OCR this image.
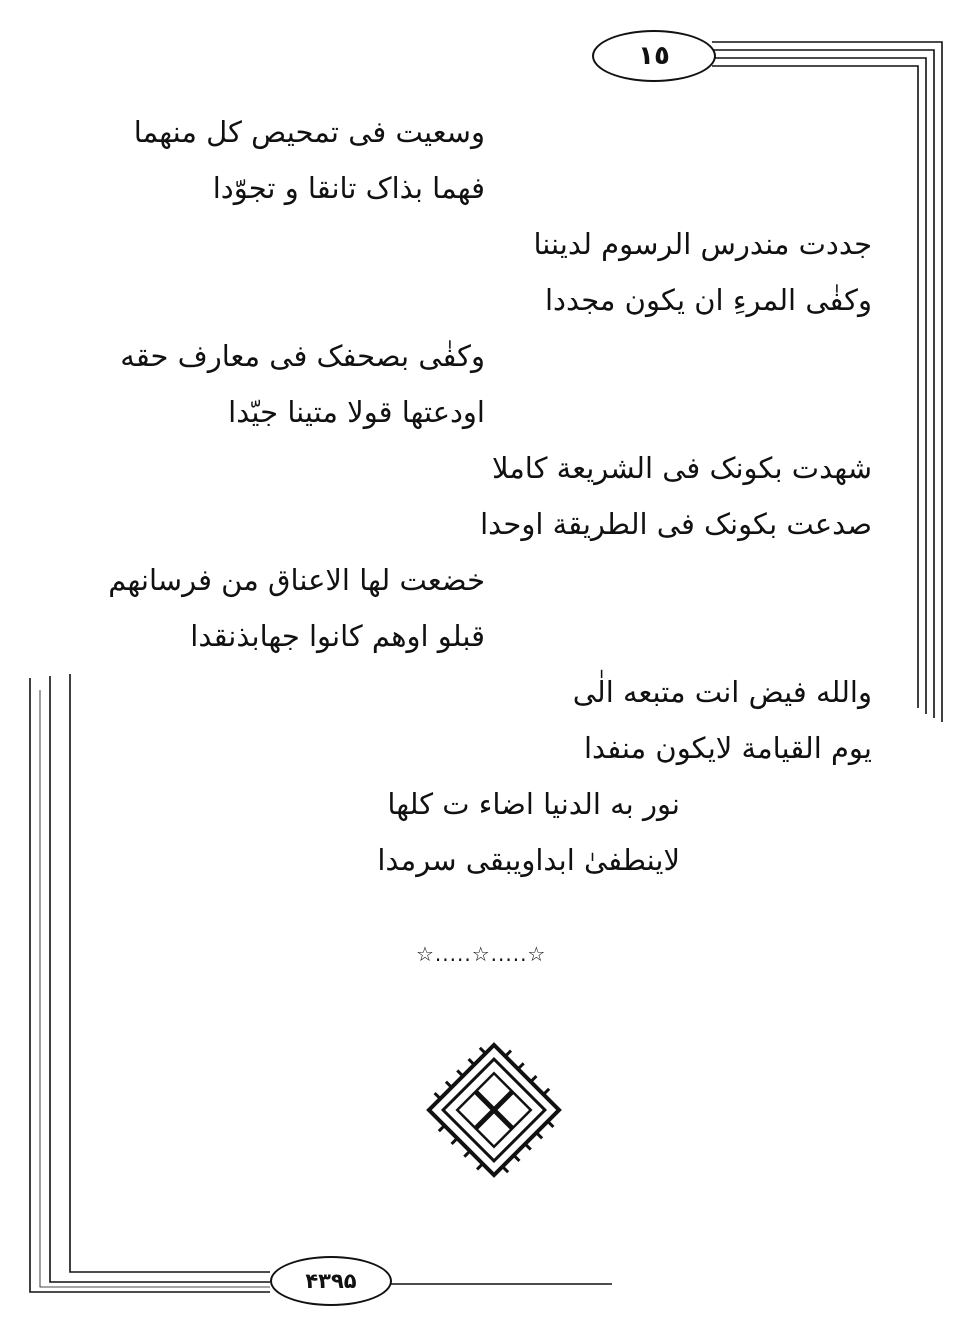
١٥
۴۳۹۵
وسعیت فی تمحیص کل منهما
فهما بذاک تانقا و تجوّدا
جددت مندرس الرسوم لدیننا
وکفٰی المرءِ ان یکون مجددا
وکفٰی بصحفک فی معارف حقه
اودعتها قولا متینا جیّدا
شهدت بکونک فی الشریعة کاملا
صدعت بکونک فی الطریقة اوحدا
خضعت لها الاعناق من فرسانهم
قبلو اوهم کانوا جهابذنقدا
والله فیض انت متبعه الٰی
یوم القیامة لایکون منفدا
نور به الدنیا اضاء ت کلها
لاینطفیٰ ابداویبقی سرمدا
☆.....☆.....☆
